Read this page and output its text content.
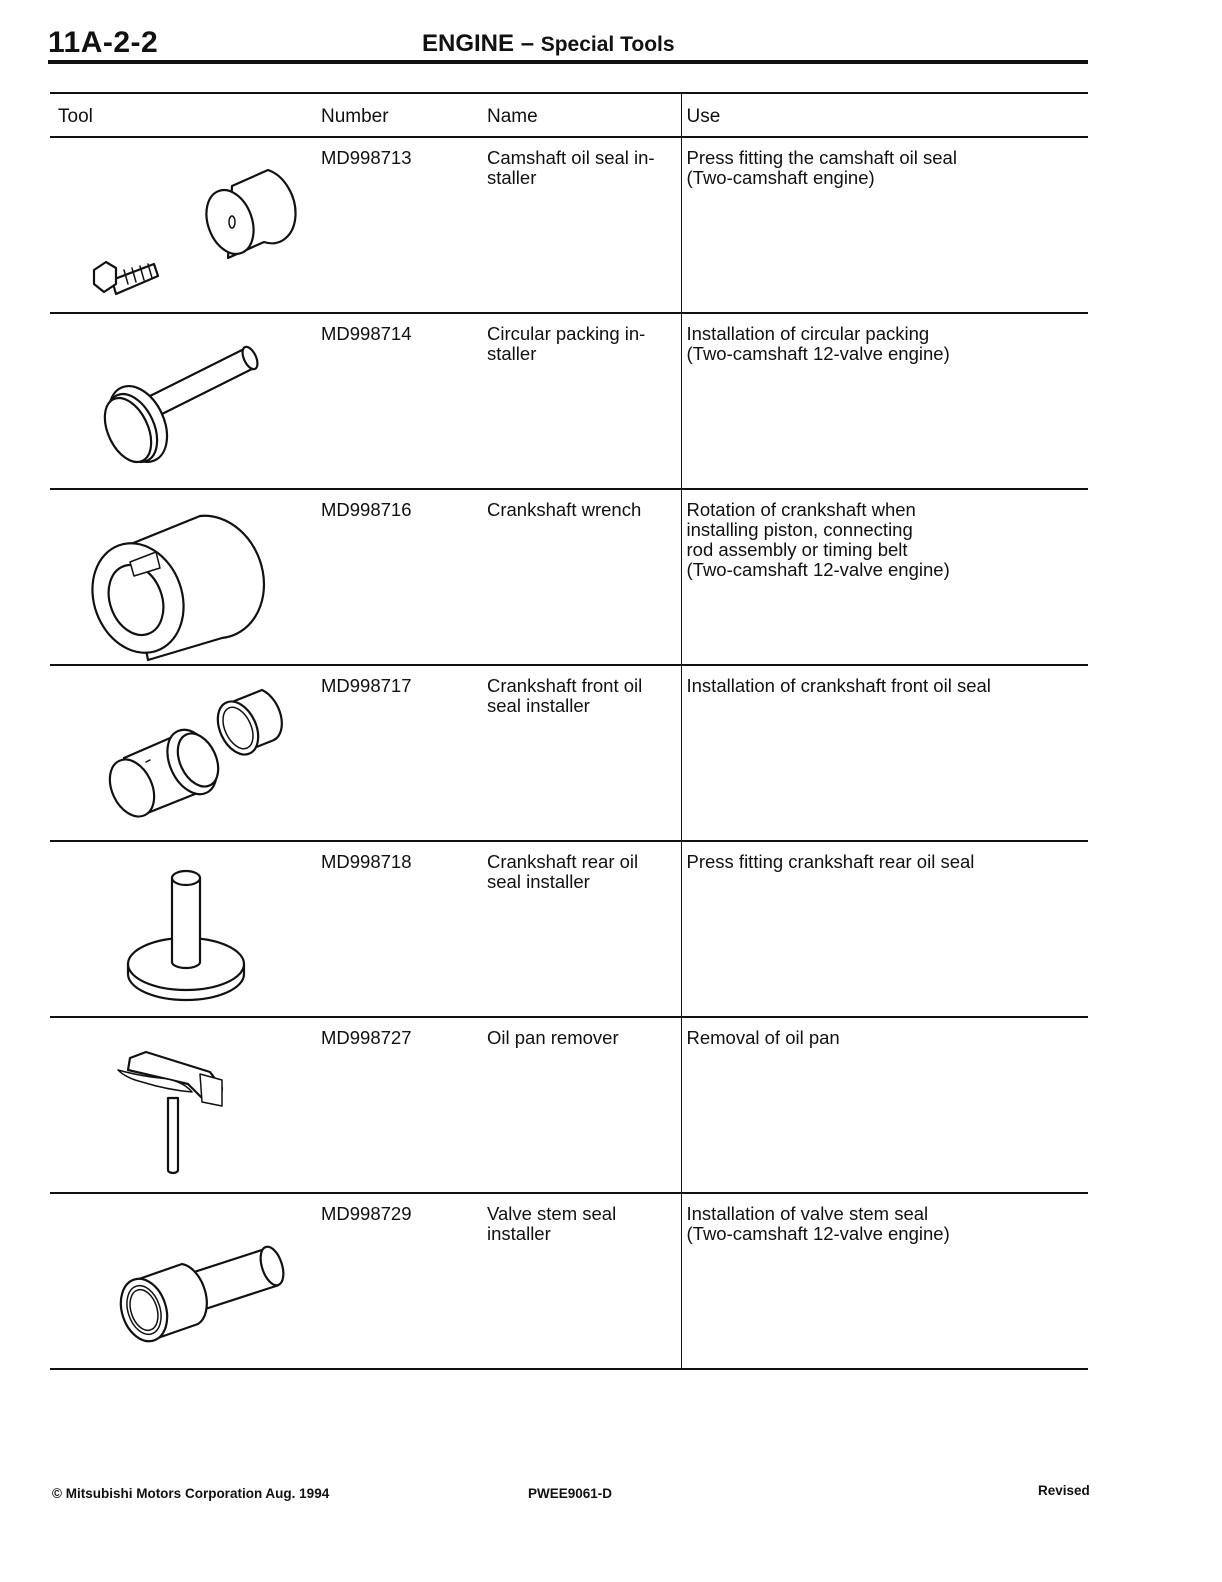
11A-2-2	ENGINE – Special Tools
Tool	Number	Name	Use

	MD998713	Camshaft oil seal in-
staller	Press fitting the camshaft oil seal
(Two-camshaft engine)

	MD998714	Circular packing in-
staller	Installation of circular packing
(Two-camshaft 12-valve engine)

	MD998716	Crankshaft wrench	Rotation of crankshaft when
installing piston, connecting
rod assembly or timing belt
(Two-camshaft 12-valve engine)

	MD998717	Crankshaft front oil
seal installer	Installation of crankshaft front oil seal

	MD998718	Crankshaft rear oil
seal installer	Press fitting crankshaft rear oil seal

	MD998727	Oil pan remover	Removal of oil pan

	MD998729	Valve stem seal
installer	Installation of valve stem seal
(Two-camshaft 12-valve engine)
© Mitsubishi Motors Corporation Aug. 1994	PWEE9061-D	Revised
